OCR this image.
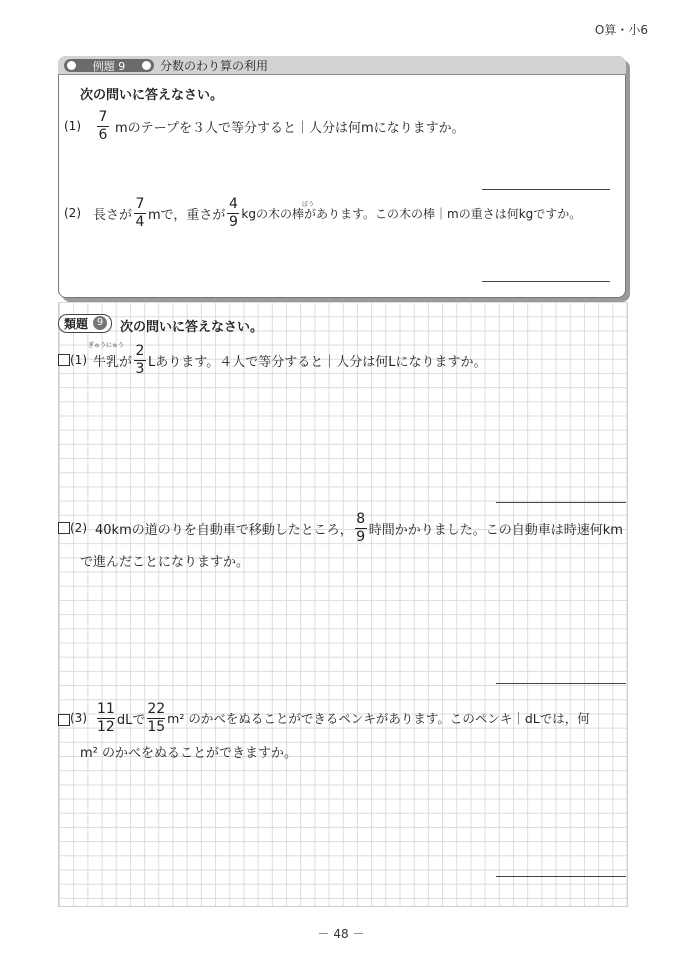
O算・小6
例題 9	分数のわり算の利用
次の問いに答えなさい。
$(1) \frac{7}{6}$ mのテープを３人で等分すると｜人分は何mになりますか。
ぼう
(2) 長さが $\frac{7}{4}$ mで，重さが $\frac{4}{9}$ kgの木の棒があります。この木の棒｜mの重さは何kgですか。
類題 9 次の問いに答えなさい。
ぎゅうにゅう
(1) 牛乳が $\frac{2}{3}$ Lあります。４人で等分すると｜人分は何Lになりますか。
(2) 40kmの道のりを自動車で移動したところ， $\frac{8}{9}$ 時間かかりました。この自動車は時速何km
で進んだことになりますか。
$(3) \frac{11}{12}$ dLで $\frac{22}{15} m^2$ のかべをぬることができるペンキがあります。このペンキ｜dLでは，何
m² のかべをぬることができますか。
－ 48 －
